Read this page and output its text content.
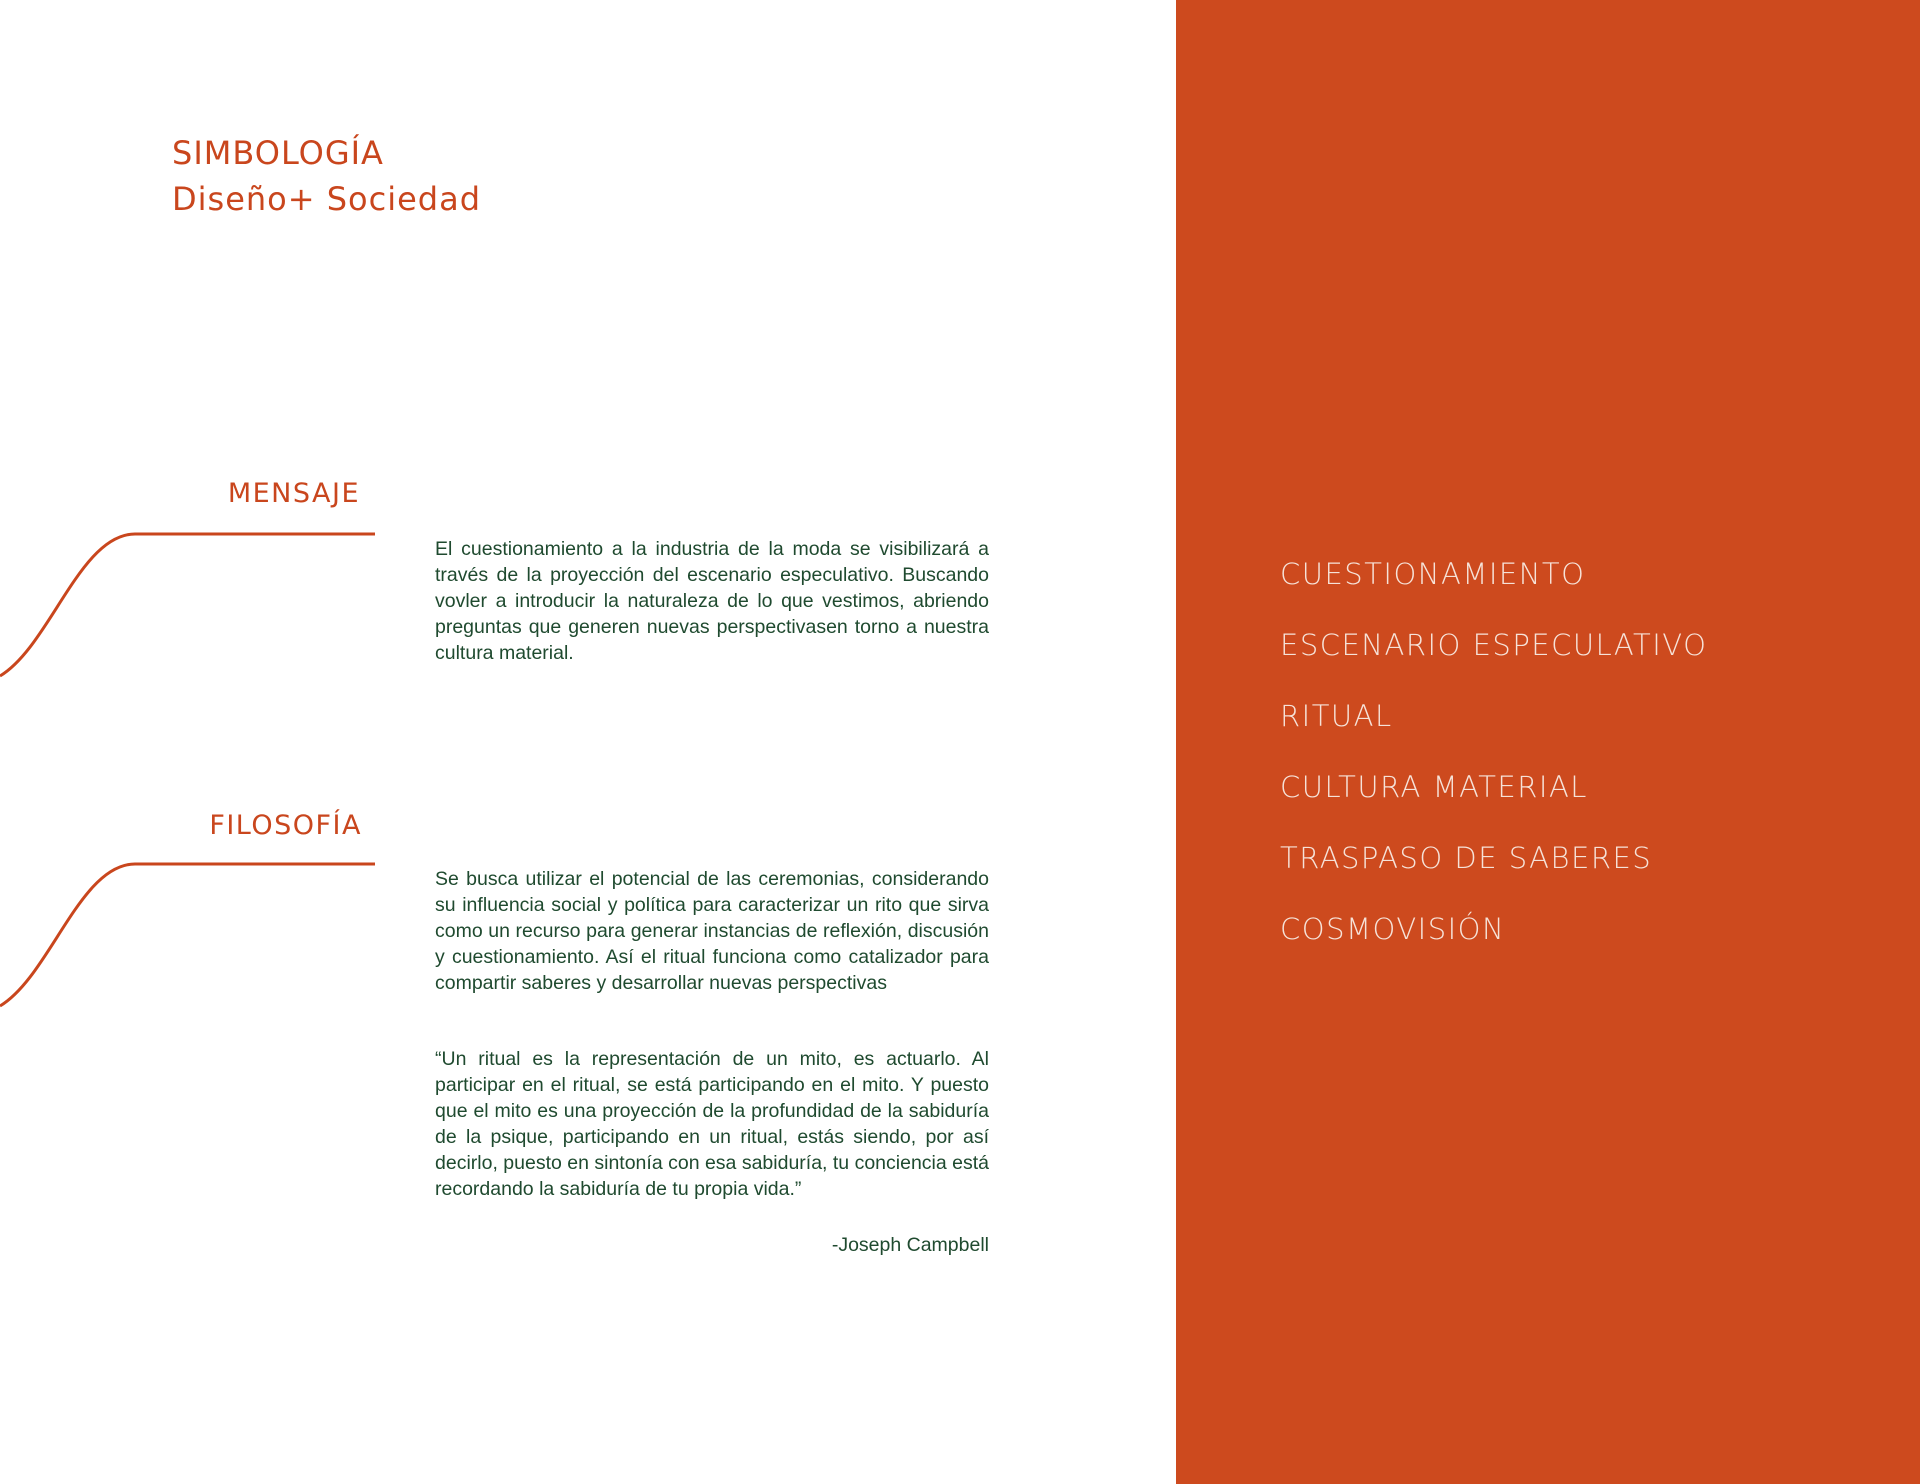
SIMBOLOGÍA
Diseño+ Sociedad
MENSAJE

El cuestionamiento a la industria de la moda se visibilizará a través de la proyección del escenario especulativo. Buscando vovler a introducir la naturaleza de lo que vestimos, abriendo preguntas que generen nuevas perspectivasen torno a nuestra cultura material.

FILOSOFÍA

Se busca utilizar el potencial de las ceremonias, considerando su influencia social y política para caracterizar un rito que sirva como un recurso para generar instancias de reflexión, discusión y cuestionamiento. Así el ritual funciona como catalizador para compartir saberes y desarrollar nuevas perspectivas

“Un ritual es la representación de un mito, es actuarlo. Al participar en el ritual, se está participando en el mito. Y puesto que el mito es una proyección de la profundidad de la sabiduría de la psique, participando en un ritual, estás siendo, por así decirlo, puesto en sintonía con esa sabiduría, tu conciencia está recordando la sabiduría de tu propia vida.”

-Joseph Campbell

CUESTIONAMIENTO
ESCENARIO ESPECULATIVO
RITUAL
CULTURA MATERIAL
TRASPASO DE SABERES
COSMOVISIÓN
